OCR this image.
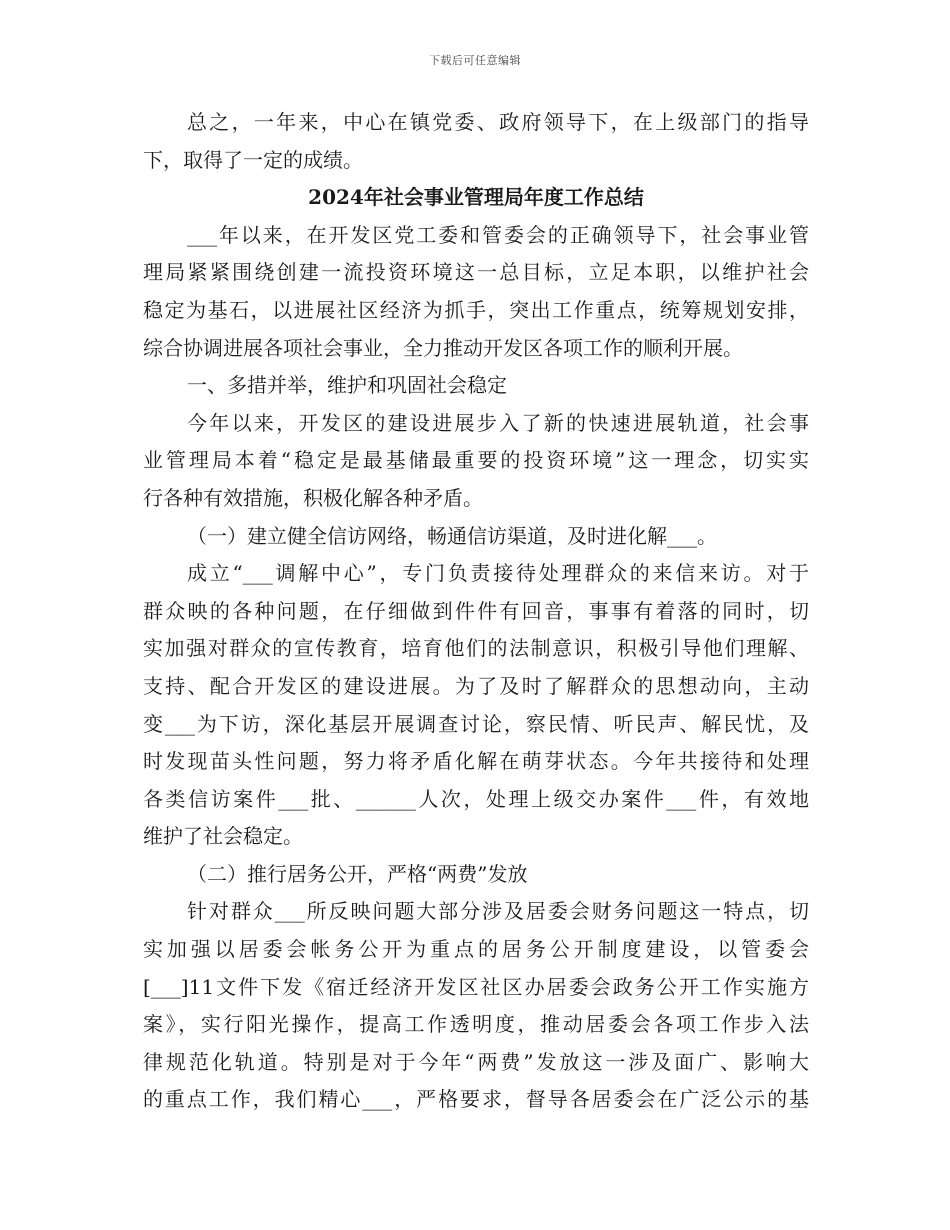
下载后可任意编辑
总之，一年来，中心在镇党委、政府领导下，在上级部门的指导
下，取得了一定的成绩。
2024年社会事业管理局年度工作总结
___年以来，在开发区党工委和管委会的正确领导下，社会事业管
理局紧紧围绕创建一流投资环境这一总目标，立足本职，以维护社会
稳定为基石，以进展社区经济为抓手，突出工作重点，统筹规划安排，
综合协调进展各项社会事业，全力推动开发区各项工作的顺利开展。
一、多措并举，维护和巩固社会稳定
今年以来，开发区的建设进展步入了新的快速进展轨道，社会事
业管理局本着“稳定是最基储最重要的投资环境”这一理念，切实实
行各种有效措施，积极化解各种矛盾。
（一）建立健全信访网络，畅通信访渠道，及时进化解___。
成立“___调解中心”，专门负责接待处理群众的来信来访。对于
群众映的各种问题，在仔细做到件件有回音，事事有着落的同时，切
实加强对群众的宣传教育，培育他们的法制意识，积极引导他们理解、
支持、配合开发区的建设进展。为了及时了解群众的思想动向，主动
变___为下访，深化基层开展调查讨论，察民情、听民声、解民忧，及
时发现苗头性问题，努力将矛盾化解在萌芽状态。今年共接待和处理
各类信访案件___批、______人次，处理上级交办案件___件，有效地
维护了社会稳定。
（二）推行居务公开，严格“两费”发放
针对群众___所反映问题大部分涉及居委会财务问题这一特点，切
实加强以居委会帐务公开为重点的居务公开制度建设，以管委会
[___]11文件下发《宿迁经济开发区社区办居委会政务公开工作实施方
案》，实行阳光操作，提高工作透明度，推动居委会各项工作步入法
律规范化轨道。特别是对于今年“两费”发放这一涉及面广、影响大
的重点工作，我们精心___，严格要求，督导各居委会在广泛公示的基
